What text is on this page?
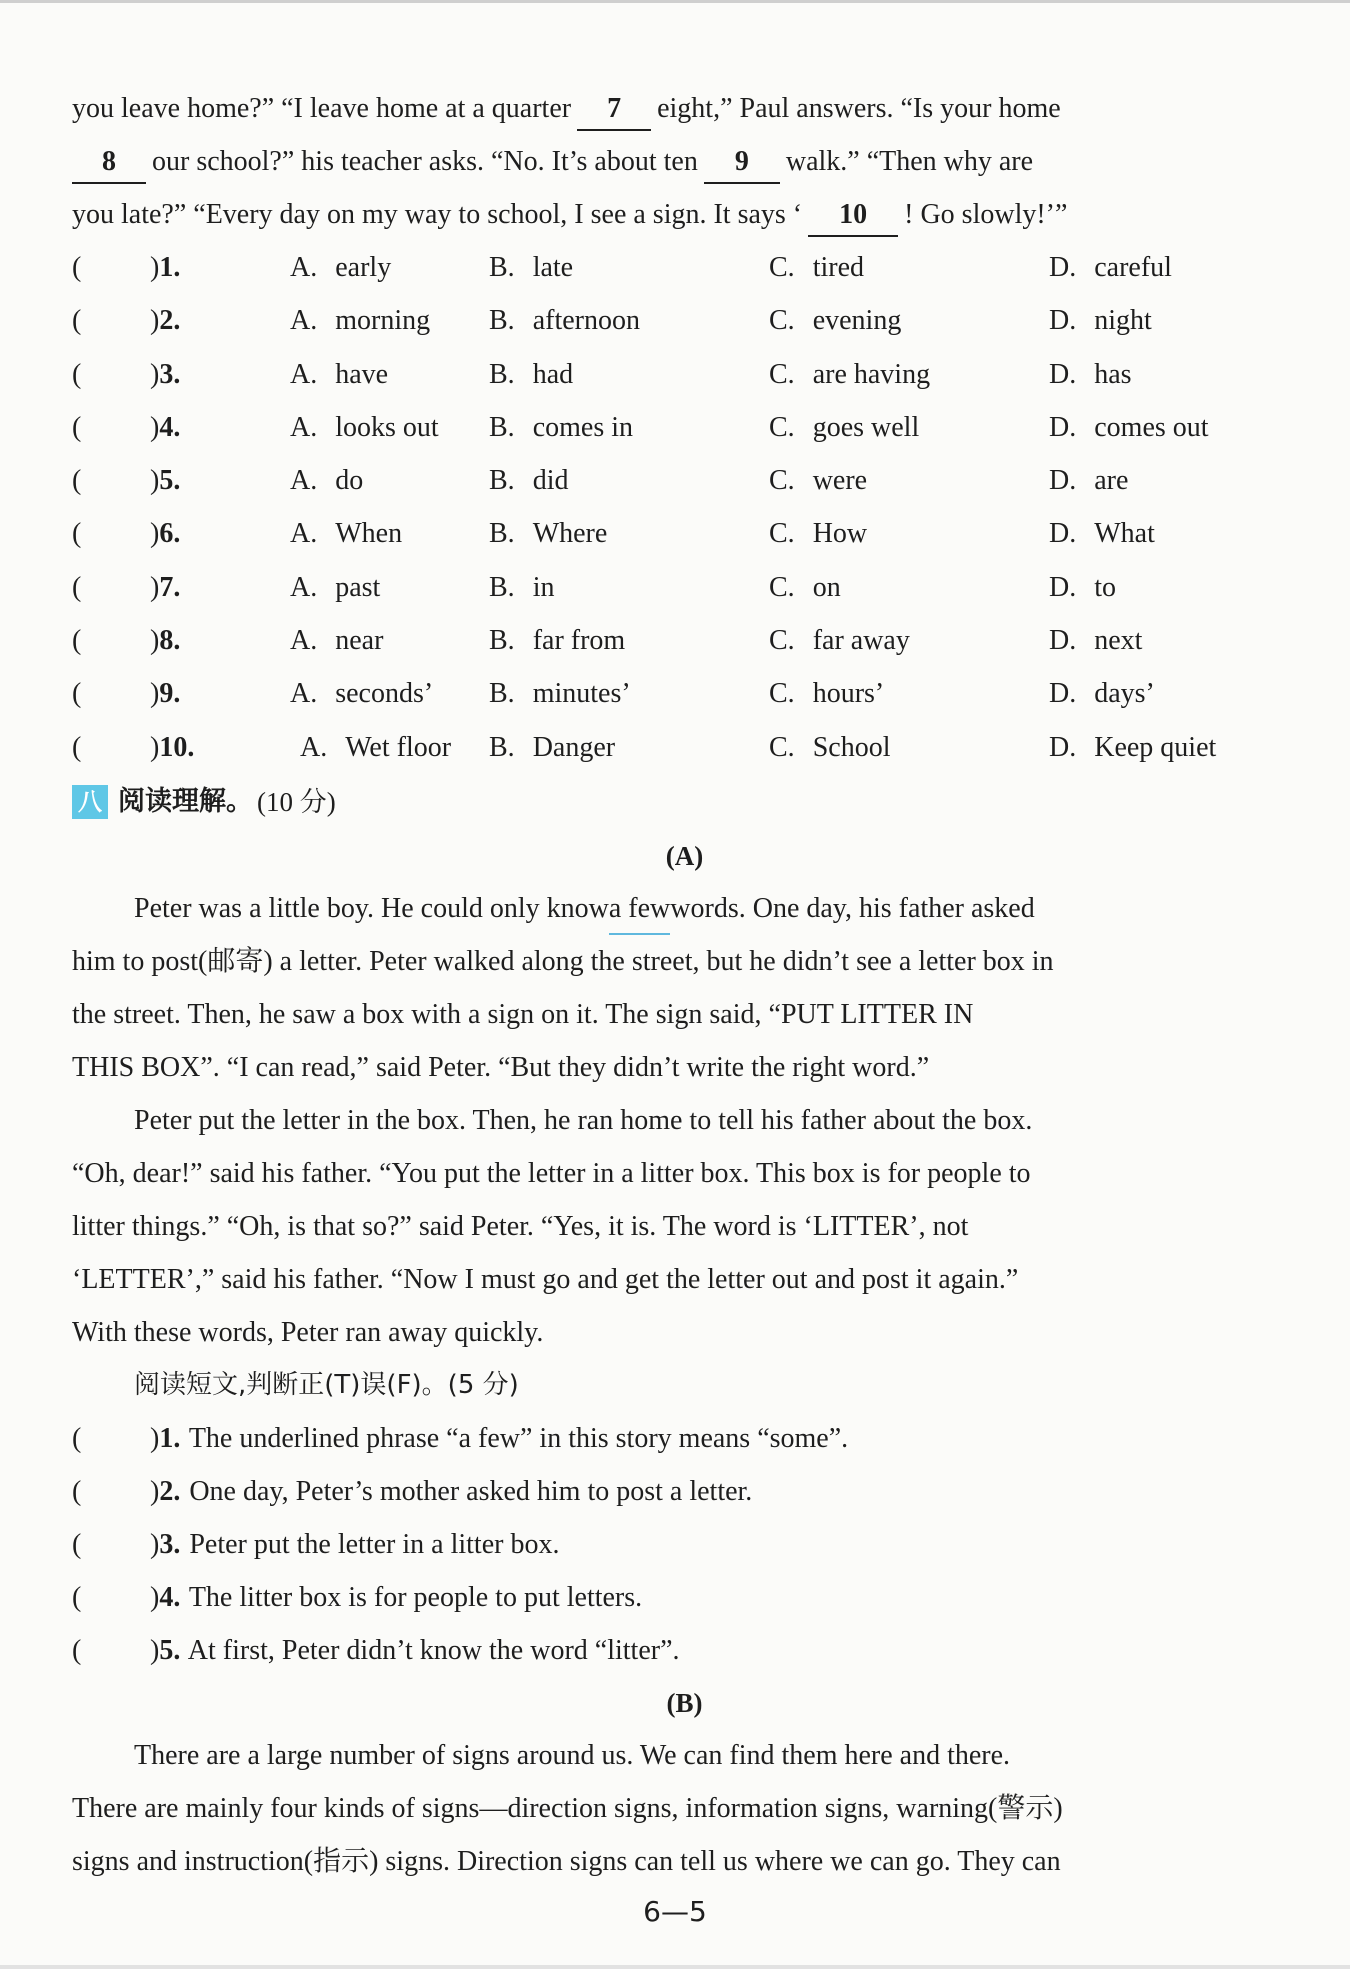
you leave home?” “I leave home at a quarter 7 eight,” Paul answers. “Is your home
8 our school?” his teacher asks. “No. It’s about ten 9 walk.” “Then why are
you late?” “Every day on my way to school, I see a sign. It says ‘ 10 ! Go slowly!’”
( )1.	A. early	B. late	C. tired	D. careful
( )2.	A. morning B. afternoon	C. evening	D. night
( )3.	A. have	B. had	C. are having	D. has
( )4.	A. looks out B. comes in	C. goes well	D. comes out
( )5.	A. do	B. did	C. were	D. are
( )6.	A. When	B. Where	C. How	D. What
( )7.	A. past	B. in	C. on	D. to
( )8.	A. near	B. far from	C. far away	D. next
( )9.	A. seconds’ B. minutes’	C. hours’	D. days’
( )10.	A. Wet floor B. Danger	C. School	D. Keep quiet
八 阅读理解。 (10 分)
(A)
Peter was a little boy. He could only know a few words. One day, his father asked
him to post(邮寄) a letter. Peter walked along the street, but he didn’t see a letter box in
the street. Then, he saw a box with a sign on it. The sign said, “PUT LITTER IN
THIS BOX”. “I can read,” said Peter. “But they didn’t write the right word.”
Peter put the letter in the box. Then, he ran home to tell his father about the box.
“Oh, dear!” said his father. “You put the letter in a litter box. This box is for people to
litter things.” “Oh, is that so?” said Peter. “Yes, it is. The word is ‘LITTER’, not
‘LETTER’,” said his father. “Now I must go and get the letter out and post it again.”
With these words, Peter ran away quickly.
阅读短文,判断正(T)误(F)。(5 分)
( )1. The underlined phrase “a few” in this story means “some”.
( )2. One day, Peter’s mother asked him to post a letter.
( )3. Peter put the letter in a litter box.
( )4. The litter box is for people to put letters.
( )5. At first, Peter didn’t know the word “litter”.
(B)
There are a large number of signs around us. We can find them here and there.
There are mainly four kinds of signs—direction signs, information signs, warning(警示)
signs and instruction(指示) signs. Direction signs can tell us where we can go. They can
6—5
